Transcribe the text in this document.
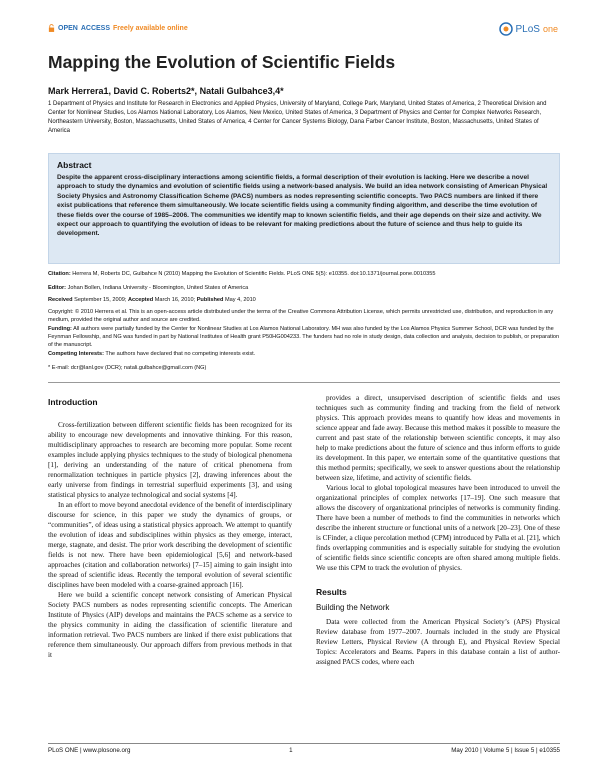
OPEN ACCESS Freely available online	PLoS one
Mapping the Evolution of Scientific Fields
Mark Herrera1, David C. Roberts2*, Natali Gulbahce3,4*
1 Department of Physics and Institute for Research in Electronics and Applied Physics, University of Maryland, College Park, Maryland, United States of America, 2 Theoretical Division and Center for Nonlinear Studies, Los Alamos National Laboratory, Los Alamos, New Mexico, United States of America, 3 Department of Physics and Center for Complex Networks Research, Northeastern University, Boston, Massachusetts, United States of America, 4 Center for Cancer Systems Biology, Dana Farber Cancer Institute, Boston, Massachusetts, United States of America
Abstract
Despite the apparent cross-disciplinary interactions among scientific fields, a formal description of their evolution is lacking. Here we describe a novel approach to study the dynamics and evolution of scientific fields using a network-based analysis. We build an idea network consisting of American Physical Society Physics and Astronomy Classification Scheme (PACS) numbers as nodes representing scientific concepts. Two PACS numbers are linked if there exist publications that reference them simultaneously. We locate scientific fields using a community finding algorithm, and describe the time evolution of these fields over the course of 1985–2006. The communities we identify map to known scientific fields, and their age depends on their size and activity. We expect our approach to quantifying the evolution of ideas to be relevant for making predictions about the future of science and thus help to guide its development.
Citation: Herrera M, Roberts DC, Gulbahce N (2010) Mapping the Evolution of Scientific Fields. PLoS ONE 5(5): e10355. doi:10.1371/journal.pone.0010355
Editor: Johan Bollen, Indiana University - Bloomington, United States of America
Received September 15, 2009; Accepted March 16, 2010; Published May 4, 2010
Copyright: © 2010 Herrera et al. This is an open-access article distributed under the terms of the Creative Commons Attribution License, which permits unrestricted use, distribution, and reproduction in any medium, provided the original author and source are credited.
Funding: All authors were partially funded by the Center for Nonlinear Studies at Los Alamos National Laboratory. MH was also funded by the Los Alamos Physics Summer School, DCR was funded by the Feynman Fellowship, and NG was funded in part by National Institutes of Health grant P50HG004233. The funders had no role in study design, data collection and analysis, decision to publish, or preparation of the manuscript.
Competing Interests: The authors have declared that no competing interests exist.
* E-mail: dcr@lanl.gov (DCR); natali.gulbahce@gmail.com (NG)
Introduction

Cross-fertilization between different scientific fields has been recognized for its ability to encourage new developments and innovative thinking. For this reason, multidisciplinary approaches to research are becoming more popular. Some recent examples include applying physics techniques to the study of biological phenomena [1], deriving an understanding of the nature of critical phenomena from renormalization techniques in particle physics [2], drawing inferences about the early universe from findings in terrestrial superfluid experiments [3], and using statistical physics to analyze technological and social systems [4].

In an effort to move beyond anecdotal evidence of the benefit of interdisciplinary discourse for science, in this paper we study the dynamics of groups, or “communities”, of ideas using a statistical physics approach. We attempt to quantify the evolution of ideas and subdisciplines within physics as they emerge, interact, merge, stagnate, and desist. The prior work describing the development of scientific fields is not new. There have been epidemiological [5,6] and network-based approaches (citation and collaboration networks) [7–15] aiming to gain insight into the spread of scientific ideas. Recently the temporal evolution of several scientific disciplines have been modeled with a coarse-grained approach [16].

Here we build a scientific concept network consisting of American Physical Society PACS numbers as nodes representing scientific concepts. The American Institute of Physics (AIP) develops and maintains the PACS scheme as a service to the physics community in aiding the classification of scientific literature and information retrieval. Two PACS numbers are linked if there exist publications that reference them simultaneously. Our approach differs from previous methods in that it

provides a direct, unsupervised description of scientific fields and uses techniques such as community finding and tracking from the field of network physics. This approach provides means to quantify how ideas and movements in science appear and fade away. Because this method makes it possible to measure the current and past state of the relationship between scientific concepts, it may also help to make predictions about the future of science and thus inform efforts to guide its development. In this paper, we entertain some of the quantitative questions that this method permits; specifically, we seek to answer questions about the relationship between size, lifetime, and activity of scientific fields.

Various local to global topological measures have been introduced to unveil the organizational principles of complex networks [17–19]. One such measure that allows the discovery of organizational principles of networks is community finding. There have been a number of methods to find the communities in networks which describe the inherent structure or functional units of a network [20–23]. One of these is CFinder, a clique percolation method (CPM) introduced by Palla et al. [21], which finds overlapping communities and is especially suitable for studying the evolution of scientific fields since scientific concepts are often shared among multiple fields. We use this CPM to track the evolution of physics.

Results
Building the Network

Data were collected from the American Physical Society’s (APS) Physical Review database from 1977–2007. Journals included in the study are Physical Review Letters, Physical Review (A through E), and Physical Review Special Topics: Accelerators and Beams. Papers in this database contain a list of author-assigned PACS codes, where each

PLoS ONE | www.plosone.org	1	May 2010 | Volume 5 | Issue 5 | e10355
